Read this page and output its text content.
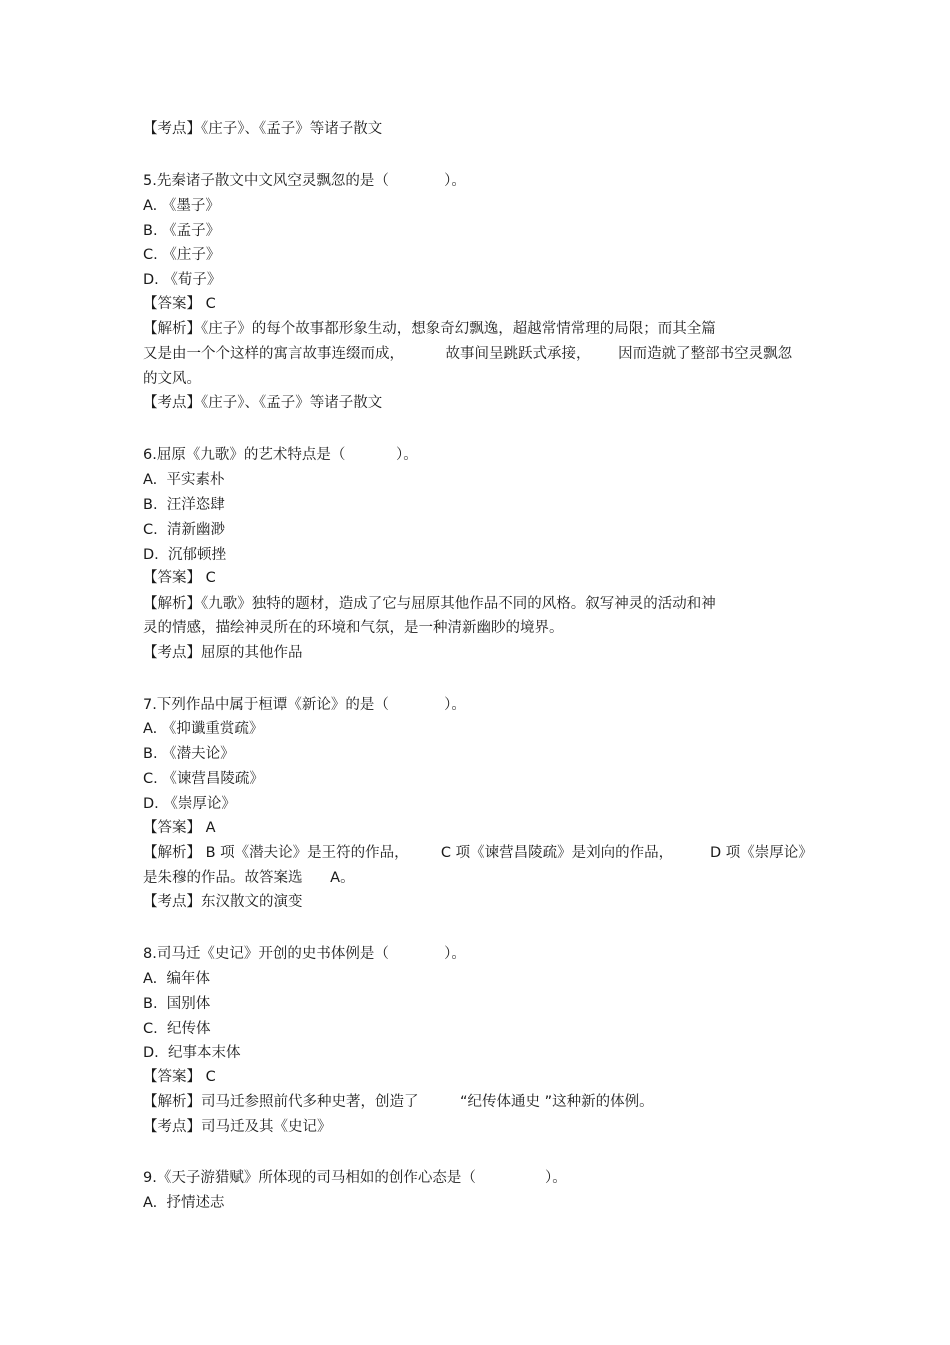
【考点】《庄子》、《孟子》等诸子散文
5.先秦诸子散文中文风空灵飘忽的是（            ）。
A. 《墨子》
B. 《孟子》
C. 《庄子》
D. 《荀子》
【答案】 C
【解析】《庄子》的每个故事都形象生动，想象奇幻飘逸，超越常情常理的局限；而其全篇
又是由一个个这样的寓言故事连缀而成，         故事间呈跳跃式承接，      因而造就了整部书空灵飘忽
的文风。
【考点】《庄子》、《孟子》等诸子散文
6.屈原《九歌》的艺术特点是（           ）。
A.  平实素朴
B.  汪洋恣肆
C.  清新幽渺
D.  沉郁顿挫
【答案】 C
【解析】《九歌》独特的题材，造成了它与屈原其他作品不同的风格。叙写神灵的活动和神
灵的情感，描绘神灵所在的环境和气氛，是一种清新幽眇的境界。
【考点】屈原的其他作品
7.下列作品中属于桓谭《新论》的是（            ）。
A. 《抑谶重赏疏》
B. 《潜夫论》
C. 《谏营昌陵疏》
D. 《崇厚论》
【答案】 A
【解析】 B 项《潜夫论》是王符的作品，       C 项《谏营昌陵疏》是刘向的作品，        D 项《崇厚论》
是朱穆的作品。故答案选      A。
【考点】东汉散文的演变
8.司马迁《史记》开创的史书体例是（            ）。
A.  编年体
B.  国别体
C.  纪传体
D.  纪事本末体
【答案】 C
【解析】司马迁参照前代多种史著，创造了         “纪传体通史 ”这种新的体例。
【考点】司马迁及其《史记》
9.《天子游猎赋》所体现的司马相如的创作心态是（               ）。
A.  抒情述志
